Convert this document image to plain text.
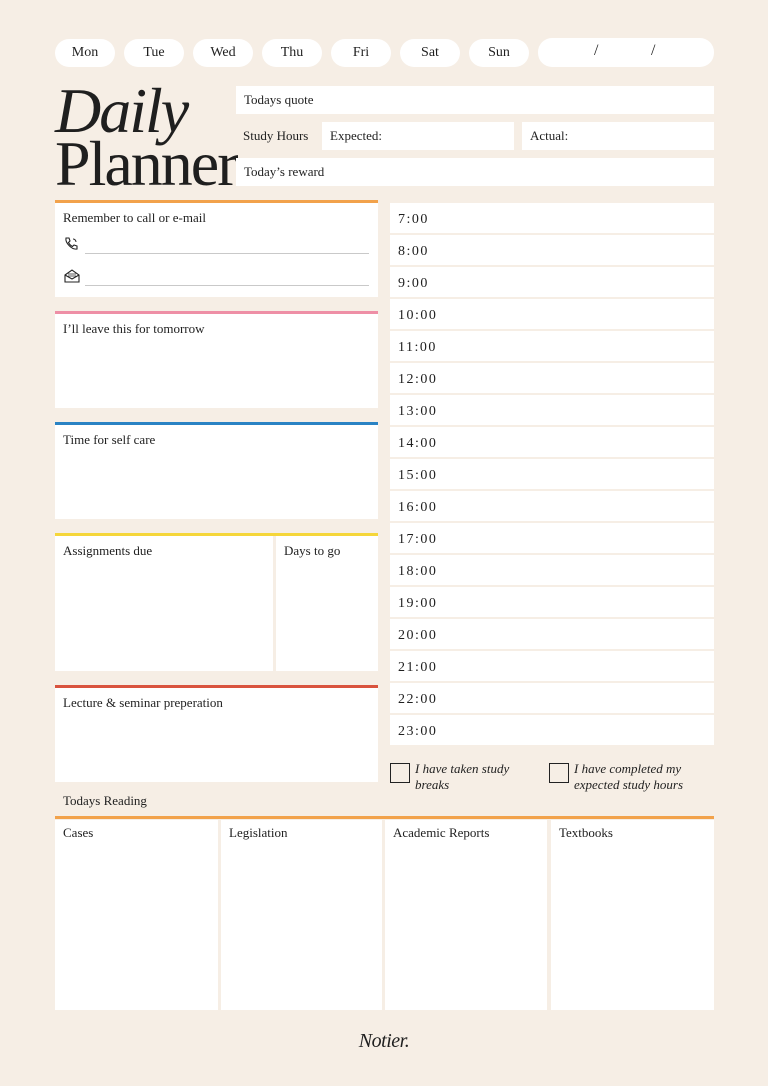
Mon	Tue	Wed	Thu	Fri	Sat	Sun	/	/
Daily
Planner
Todays quote
Study Hours	Expected:	Actual:
Today’s reward
Remember to call or e-mail
I’ll leave this for tomorrow
Time for self care
Assignments due	Days to go
Lecture & seminar preperation
7:00
8:00
9:00
10:00
11:00
12:00
13:00
14:00
15:00
16:00
17:00
18:00
19:00
20:00
21:00
22:00
23:00
I have taken study
breaks
I have completed my
expected study hours
Todays Reading
Cases	Legislation	Academic Reports	Textbooks
Notier.
